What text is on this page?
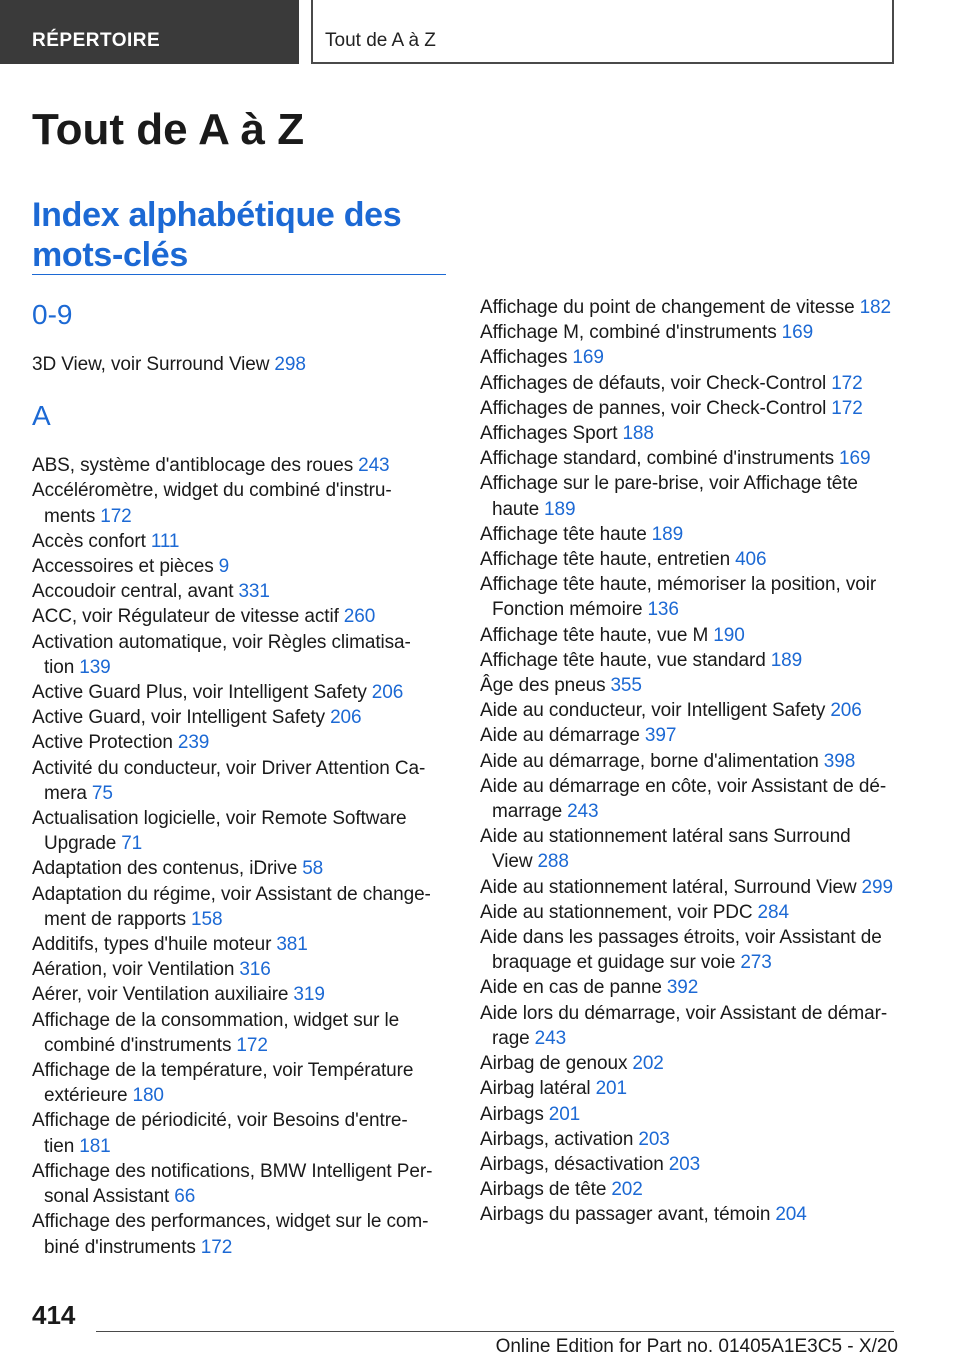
RÉPERTOIRE	Tout de A à Z
Tout de A à Z
Index alphabétique des mots-clés
0-9
3D View, voir Surround View 298
A
ABS, système d'antiblocage des roues 243
Accéléromètre, widget du combiné d'instruments 172
Accès confort 111
Accessoires et pièces 9
Accoudoir central, avant 331
ACC, voir Régulateur de vitesse actif 260
Activation automatique, voir Règles climatisation 139
Active Guard Plus, voir Intelligent Safety 206
Active Guard, voir Intelligent Safety 206
Active Protection 239
Activité du conducteur, voir Driver Attention Camera 75
Actualisation logicielle, voir Remote Software Upgrade 71
Adaptation des contenus, iDrive 58
Adaptation du régime, voir Assistant de changement de rapports 158
Additifs, types d'huile moteur 381
Aération, voir Ventilation 316
Aérer, voir Ventilation auxiliaire 319
Affichage de la consommation, widget sur le combiné d'instruments 172
Affichage de la température, voir Température extérieure 180
Affichage de périodicité, voir Besoins d'entretien 181
Affichage des notifications, BMW Intelligent Personal Assistant 66
Affichage des performances, widget sur le combiné d'instruments 172
Affichage du point de changement de vitesse 182
Affichage M, combiné d'instruments 169
Affichages 169
Affichages de défauts, voir Check-Control 172
Affichages de pannes, voir Check-Control 172
Affichages Sport 188
Affichage standard, combiné d'instruments 169
Affichage sur le pare-brise, voir Affichage tête haute 189
Affichage tête haute 189
Affichage tête haute, entretien 406
Affichage tête haute, mémoriser la position, voir Fonction mémoire 136
Affichage tête haute, vue M 190
Affichage tête haute, vue standard 189
Âge des pneus 355
Aide au conducteur, voir Intelligent Safety 206
Aide au démarrage 397
Aide au démarrage, borne d'alimentation 398
Aide au démarrage en côte, voir Assistant de démarrage 243
Aide au stationnement latéral sans Surround View 288
Aide au stationnement latéral, Surround View 299
Aide au stationnement, voir PDC 284
Aide dans les passages étroits, voir Assistant de braquage et guidage sur voie 273
Aide en cas de panne 392
Aide lors du démarrage, voir Assistant de démarrage 243
Airbag de genoux 202
Airbag latéral 201
Airbags 201
Airbags, activation 203
Airbags, désactivation 203
Airbags de tête 202
Airbags du passager avant, témoin 204
414
Online Edition for Part no. 01405A1E3C5 - X/20
